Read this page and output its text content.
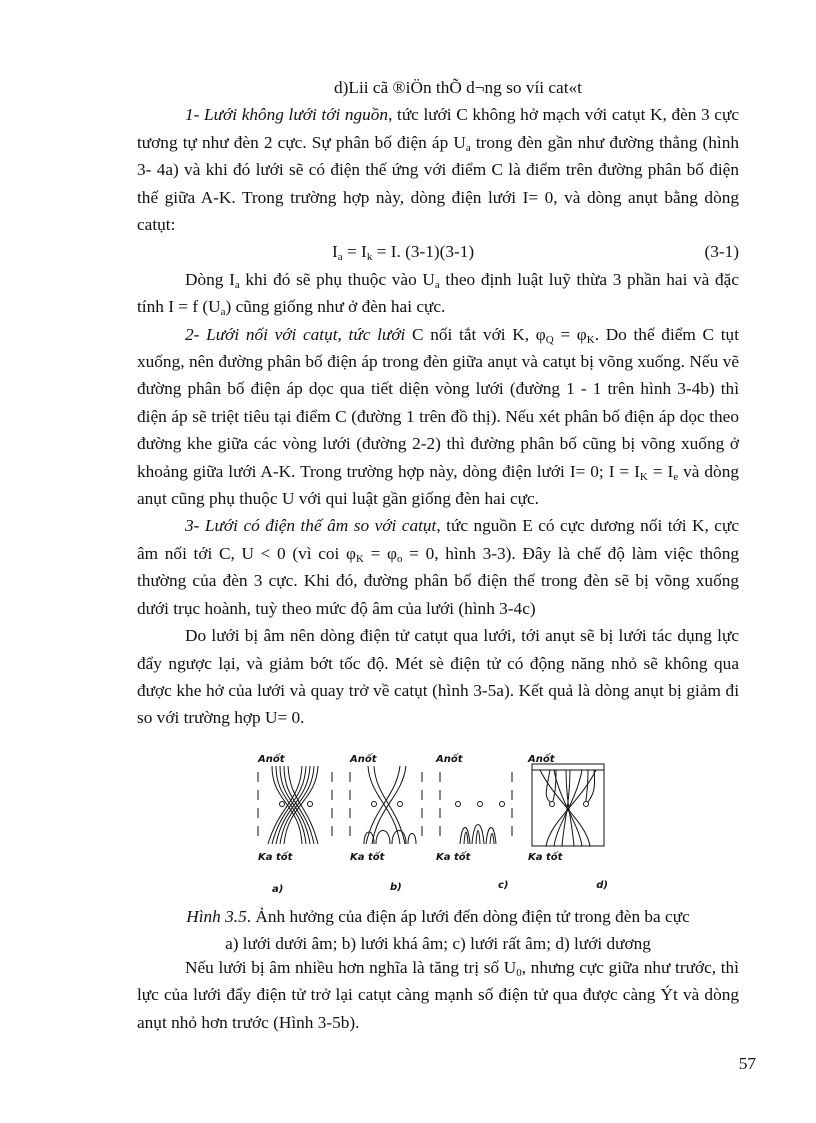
d)Lii cã ®iÖn thÕ d¬ng so víi cat«t

1- Lưới không lưới tới nguồn, tức lưới C không hở mạch với catụt K, đèn 3 cực tương tự như đèn 2 cực. Sự phân bố điện áp $U_a$ trong đèn gần như đường thẳng (hình 3- 4a) và khi đó lưới sẽ có điện thế ứng với điểm C là điểm trên đường phân bố điện thế giữa A-K. Trong trường hợp này, dòng điện lưới I= 0, và dòng anụt bằng dòng catụt:

$I_a = I_k = I$. (3-1)(3-1)	(3-1)

Dòng $I_a$ khi đó sẽ phụ thuộc vào $U_a$ theo định luật luỹ thừa 3 phần hai và đặc tính I = f $(U_a)$ cũng giống như ở đèn hai cực.

2- Lưới nối với catụt, tức lưới C nối tắt với K, $\varphi_Q = \varphi_K$. Do thế điểm C tụt xuống, nên đường phân bố điện áp trong đèn giữa anụt và catụt bị võng xuống. Nếu vẽ đường phân bố điện áp dọc qua tiết diện vòng lưới (đường 1 - 1 trên hình 3-4b) thì điện áp sẽ triệt tiêu tại điểm C (đường 1 trên đồ thị). Nếu xét phân bố điện áp dọc theo đường khe giữa các vòng lưới (đường 2-2) thì đường phân bố cũng bị võng xuống ở khoảng giữa lưới A-K. Trong trường hợp này, dòng điện lưới I= 0; $I = I_K = I_e$ và dòng anụt cũng phụ thuộc U với qui luật gần giống đèn hai cực.

3- Lưới có điện thế âm so với catụt, tức nguồn E có cực dương nối tới K, cực âm nối tới C, U < 0 (vì coi $\varphi_K = \varphi_o = 0$, hình 3-3). Đây là chế độ làm việc thông thường của đèn 3 cực. Khi đó, đường phân bố điện thế trong đèn sẽ bị võng xuống dưới trục hoành, tuỳ theo mức độ âm của lưới (hình 3-4c)

Do lưới bị âm nên dòng điện tử catụt qua lưới, tới anụt sẽ bị lưới tác dụng lực đẩy ngược lại, và giảm bớt tốc độ. Mét sè điện tử có động năng nhỏ sẽ không qua được khe hở của lưới và quay trở về catụt (hình 3-5a). Kết quả là dòng anụt bị giảm đi so với trường hợp U= 0.

Anốt	Anốt	Anốt	Anốt
Ka tốt	Ka tốt	Ka tốt	Ka tốt
a)	b)	c)	d)
Hình 3.5. Ảnh hưởng của điện áp lưới đến dòng điện tử trong đèn ba cực
a) lưới dưới âm; b) lưới khá âm; c) lưới rất âm; d) lưới dương

Nếu lưới bị âm nhiều hơn nghĩa là tăng trị số $U_0$, nhưng cực giữa như trước, thì lực của lưới đẩy điện tử trở lại catụt càng mạnh số điện tử qua được càng Ýt và dòng anụt nhỏ hơn trước (Hình 3-5b).

57
